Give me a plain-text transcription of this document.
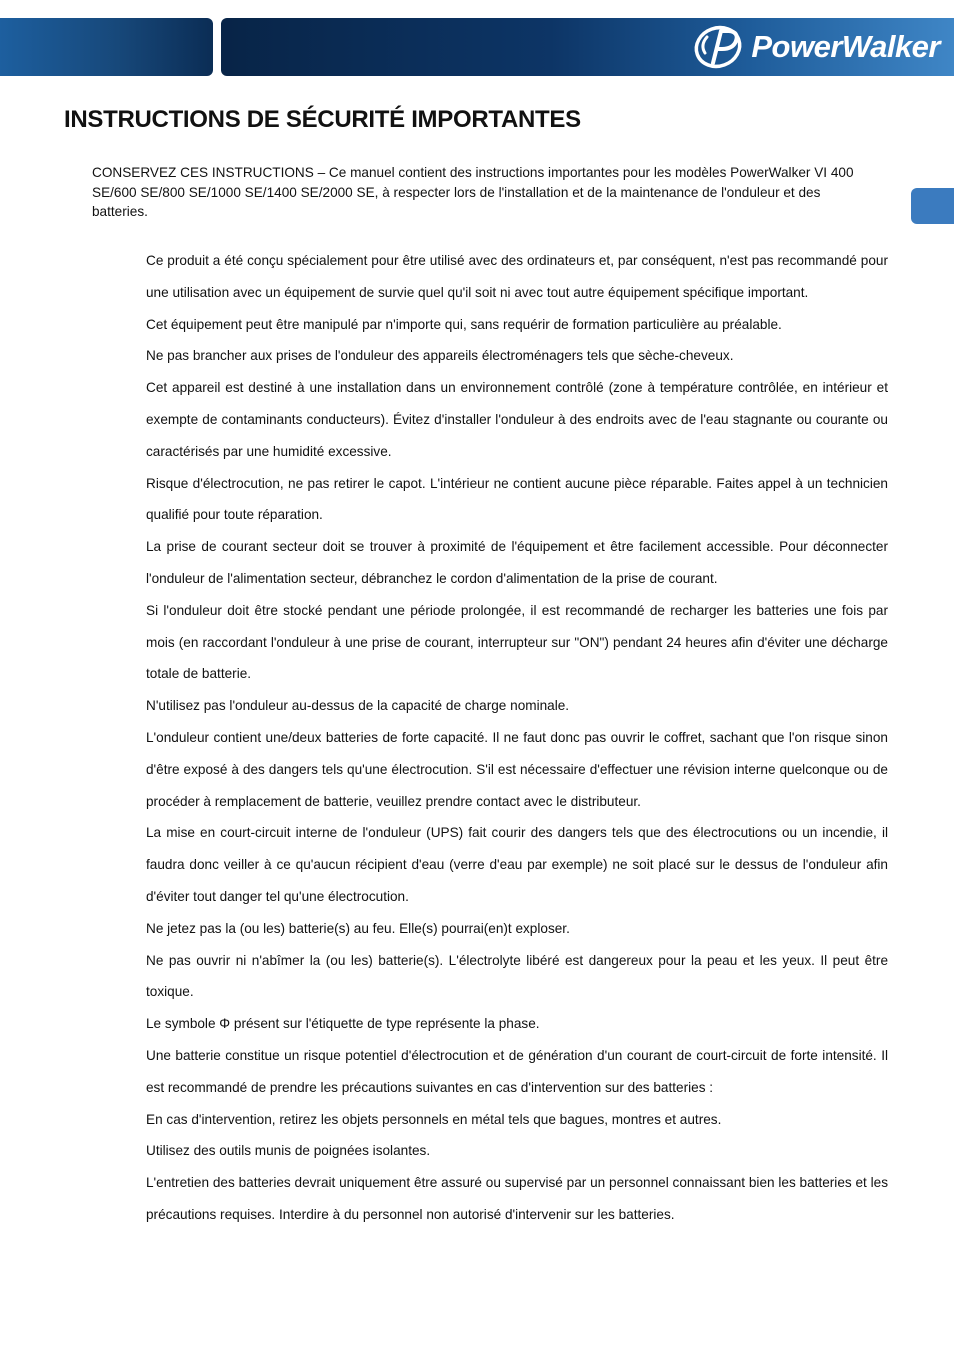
PowerWalker
INSTRUCTIONS DE SÉCURITÉ IMPORTANTES

CONSERVEZ CES INSTRUCTIONS – Ce manuel contient des instructions importantes pour les modèles PowerWalker VI 400 SE/600 SE/800 SE/1000 SE/1400 SE/2000 SE, à respecter lors de l'installation et de la maintenance de l'onduleur et des batteries.

Ce produit a été conçu spécialement pour être utilisé avec des ordinateurs et, par conséquent, n'est pas recommandé pour une utilisation avec un équipement de survie quel qu'il soit ni avec tout autre équipement spécifique important.

Cet équipement peut être manipulé par n'importe qui, sans requérir de formation particulière au préalable.

Ne pas brancher aux prises de l'onduleur des appareils électroménagers tels que sèche-cheveux.

Cet appareil est destiné à une installation dans un environnement contrôlé (zone à température contrôlée, en intérieur et exempte de contaminants conducteurs). Évitez d'installer l'onduleur à des endroits avec de l'eau stagnante ou courante ou caractérisés par une humidité excessive.

Risque d'électrocution, ne pas retirer le capot. L'intérieur ne contient aucune pièce réparable. Faites appel à un technicien qualifié pour toute réparation.

La prise de courant secteur doit se trouver à proximité de l'équipement et être facilement accessible. Pour déconnecter l'onduleur de l'alimentation secteur, débranchez le cordon d'alimentation de la prise de courant.

Si l'onduleur doit être stocké pendant une période prolongée, il est recommandé de recharger les batteries une fois par mois (en raccordant l'onduleur à une prise de courant, interrupteur sur "ON") pendant 24 heures afin d'éviter une décharge totale de batterie.

N'utilisez pas l'onduleur au-dessus de la capacité de charge nominale.

L'onduleur contient une/deux batteries de forte capacité. Il ne faut donc pas ouvrir le coffret, sachant que l'on risque sinon d'être exposé à des dangers tels qu'une électrocution. S'il est nécessaire d'effectuer une révision interne quelconque ou de procéder à remplacement de batterie, veuillez prendre contact avec le distributeur.

La mise en court-circuit interne de l'onduleur (UPS) fait courir des dangers tels que des électrocutions ou un incendie, il faudra donc veiller à ce qu'aucun récipient d'eau (verre d'eau par exemple) ne soit placé sur le dessus de l'onduleur afin d'éviter tout danger tel qu'une électrocution.

Ne jetez pas la (ou les) batterie(s) au feu. Elle(s) pourrai(en)t exploser.

Ne pas ouvrir ni n'abîmer la (ou les) batterie(s). L'électrolyte libéré est dangereux pour la peau et les yeux. Il peut être toxique.

Le symbole Φ présent sur l'étiquette de type représente la phase.

Une batterie constitue un risque potentiel d'électrocution et de génération d'un courant de court-circuit de forte intensité. Il est recommandé de prendre les précautions suivantes en cas d'intervention sur des batteries :

En cas d'intervention, retirez les objets personnels en métal tels que bagues, montres et autres.

Utilisez des outils munis de poignées isolantes.

L'entretien des batteries devrait uniquement être assuré ou supervisé par un personnel connaissant bien les batteries et les précautions requises. Interdire à du personnel non autorisé d'intervenir sur les batteries.
